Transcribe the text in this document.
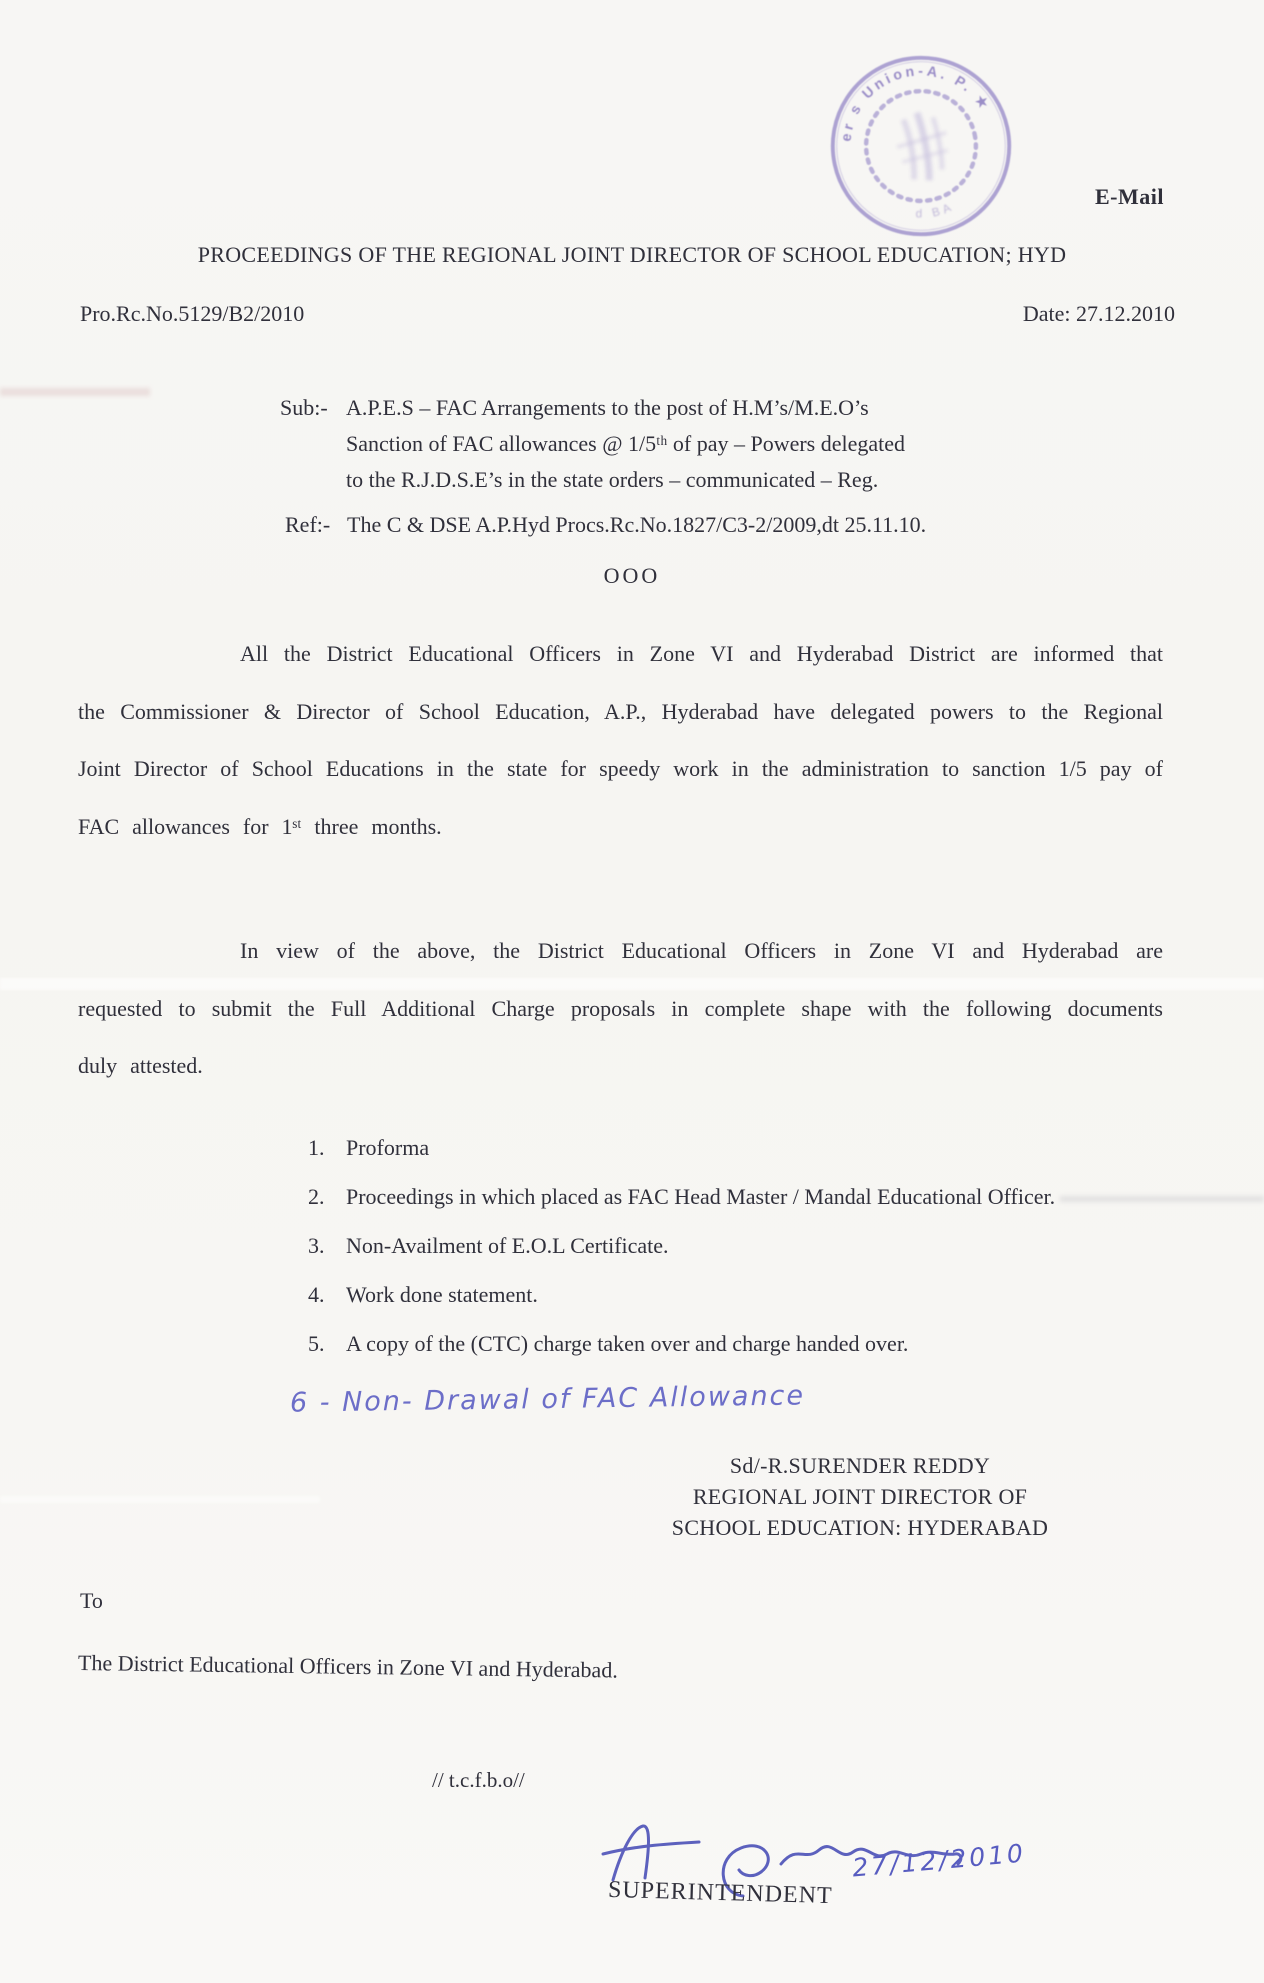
er s Union-A. P. ★
d BA	E-Mail
PROCEEDINGS OF THE REGIONAL JOINT DIRECTOR OF SCHOOL EDUCATION; HYD
Pro.Rc.No.5129/B2/2010	Date: 27.12.2010
Sub:- A.P.E.S – FAC Arrangements to the post of H.M’s/M.E.O’s
Sanction of FAC allowances @ 1/5ᵗʰ of pay – Powers delegated
to the R.J.D.S.E’s in the state orders – communicated – Reg.
Ref:- The C & DSE A.P.Hyd Procs.Rc.No.1827/C3-2/2009,dt 25.11.10.
OOO
All the District Educational Officers in Zone VI and Hyderabad District are informed that the Commissioner & Director of School Education, A.P., Hyderabad have delegated powers to the Regional Joint Director of School Educations in the state for speedy work in the administration to sanction 1/5 pay of FAC allowances for 1ˢᵗ three months.
In view of the above, the District Educational Officers in Zone VI and Hyderabad are requested to submit the Full Additional Charge proposals in complete shape with the following documents duly attested.
1. Proforma
2. Proceedings in which placed as FAC Head Master / Mandal Educational Officer.
3. Non-Availment of E.O.L Certificate.
4. Work done statement.
5. A copy of the (CTC) charge taken over and charge handed over.
6 - Non- Drawal of FAC Allowance
Sd/-R.SURENDER REDDY
REGIONAL JOINT DIRECTOR OF
SCHOOL EDUCATION: HYDERABAD
To
The District Educational Officers in Zone VI and Hyderabad.
// t.c.f.b.o//
27/12/2010
SUPERINTENDENT
